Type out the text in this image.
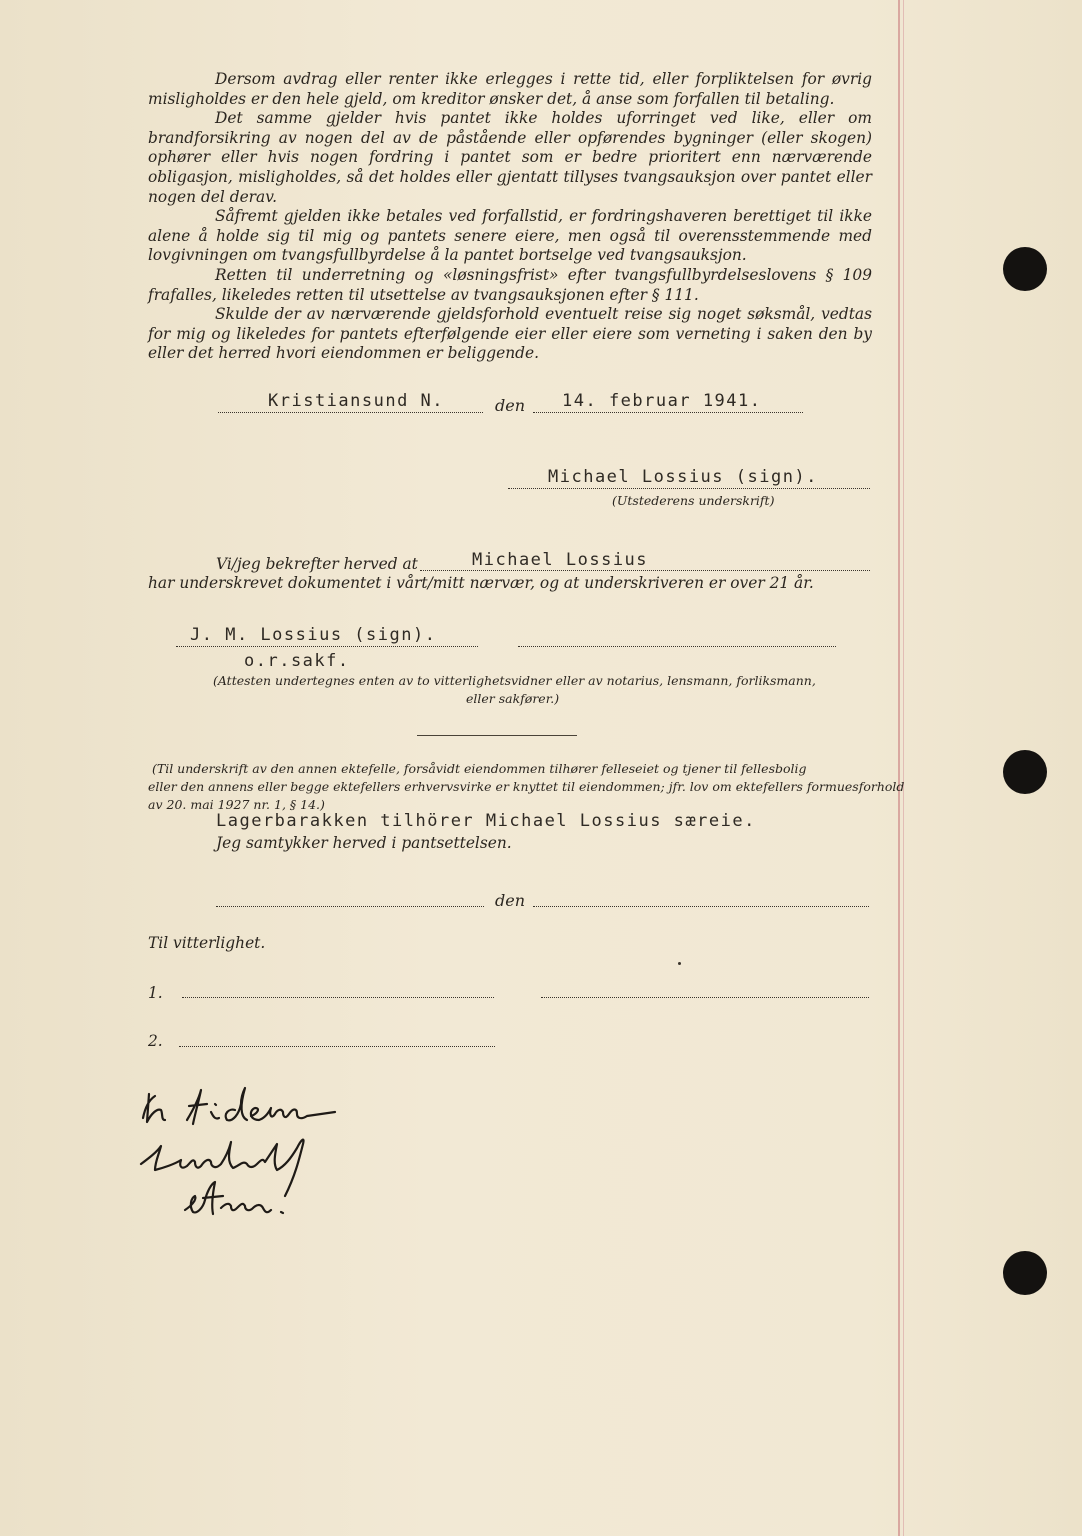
Dersom avdrag eller renter ikke erlegges i rette tid, eller forpliktelsen for øvrig misligholdes er den hele gjeld, om kreditor ønsker det, å anse som forfallen til betaling.

Det samme gjelder hvis pantet ikke holdes uforringet ved like, eller om brandforsikring av nogen del av de påstående eller opførendes bygninger (eller skogen) ophører eller hvis nogen fordring i pantet som er bedre prioritert enn nærværende obligasjon, misligholdes, så det holdes eller gjentatt tillyses tvangsauksjon over pantet eller nogen del derav.

Såfremt gjelden ikke betales ved forfallstid, er fordringshaveren berettiget til ikke alene å holde sig til mig og pantets senere eiere, men også til overensstemmende med lovgivningen om tvangsfullbyrdelse å la pantet bortselge ved tvangsauksjon.

Retten til underretning og «løsningsfrist» efter tvangsfullbyrdelseslovens § 109 frafalles, likeledes retten til utsettelse av tvangsauksjonen efter § 111.

Skulde der av nærværende gjeldsforhold eventuelt reise sig noget søksmål, vedtas for mig og likeledes for pantets efterfølgende eier eller eiere som verneting i saken den by eller det herred hvori eiendommen er beliggende.

Kristiansund N.	den 14. februar 1941.
Michael Lossius (sign).
(Utstederens underskrift)
Vi/jeg bekrefter herved at	Michael Lossius
har underskrevet dokumentet i vårt/mitt nærvær, og at underskriveren er over 21 år.
J. M. Lossius (sign).
o.r.sakf.
(Attesten undertegnes enten av to vitterlighetsvidner eller av notarius, lensmann, forliksmann,
eller sakfører.)
(Til underskrift av den annen ektefelle, forsåvidt eiendommen tilhører felleseiet og tjener til fellesbolig
eller den annens eller begge ektefellers erhvervsvirke er knyttet til eiendommen; jfr. lov om ektefellers formuesforhold
av 20. mai 1927 nr. 1, § 14.)
Lagerbarakken tilhörer Michael Lossius særeie.
Jeg samtykker herved i pantsettelsen.
den
Til vitterlighet.
1.
2.
